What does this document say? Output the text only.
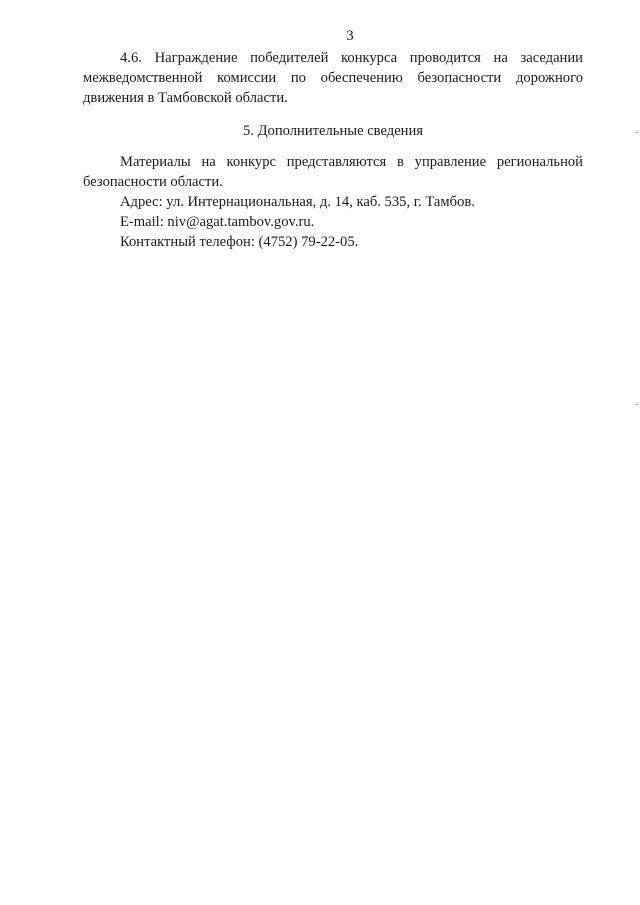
3

4.6. Награждение победителей конкурса проводится на заседании межведомственной комиссии по обеспечению безопасности дорожного движения в Тамбовской области.

5. Дополнительные сведения

Материалы на конкурс представляются в управление региональной безопасности области.

Адрес: ул. Интернациональная, д. 14, каб. 535, г. Тамбов.

E-mail: niv@agat.tambov.gov.ru.

Контактный телефон: (4752) 79-22-05.
